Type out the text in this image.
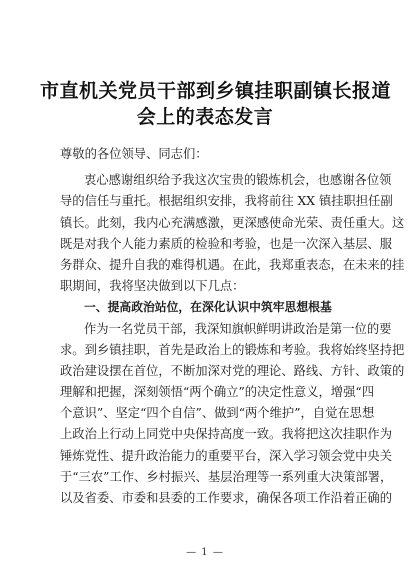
市直机关党员干部到乡镇挂职副镇长报道
会上的表态发言
尊敬的各位领导、同志们：
衷心感谢组织给予我这次宝贵的锻炼机会，也感谢各位领
导的信任与重托。根据组织安排，我将前往 XX 镇挂职担任副
镇长。此刻，我内心充满感激，更深感使命光荣、责任重大。这
既是对我个人能力素质的检验和考验，也是一次深入基层、服
务群众、提升自我的难得机遇。在此，我郑重表态，在未来的挂
职期间，我将坚决做到以下几点：
一、提高政治站位，在深化认识中筑牢思想根基
作为一名党员干部，我深知旗帜鲜明讲政治是第一位的要
求。到乡镇挂职，首先是政治上的锻炼和考验。我将始终坚持把
政治建设摆在首位，不断加深对党的理论、路线、方针、政策的
理解和把握，深刻领悟“两个确立”的决定性意义，增强“四
个意识”、坚定“四个自信”、做到“两个维护”，自觉在思想
上政治上行动上同党中央保持高度一致。我将把这次挂职作为
锤炼党性、提升政治能力的重要平台，深入学习领会党中央关
于“三农”工作、乡村振兴、基层治理等一系列重大决策部署，
以及省委、市委和县委的工作要求，确保各项工作沿着正确的
— 1 —
